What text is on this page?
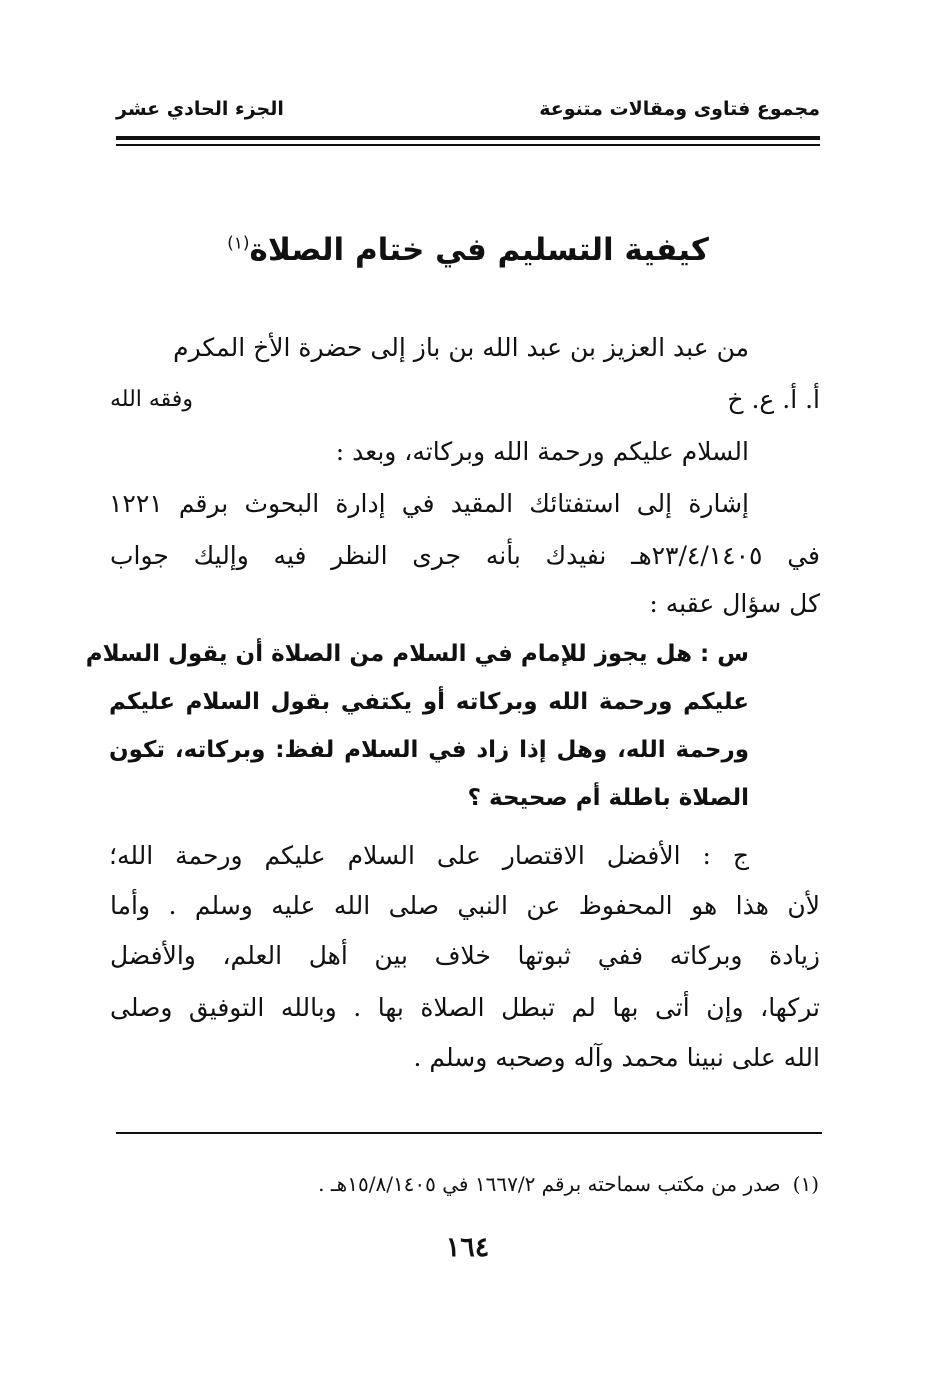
مجموع فتاوى ومقالات متنوعة
الجزء الحادي عشر
كيفية التسليم في ختام الصلاة$^{(١)}$
من عبد العزيز بن عبد الله بن باز إلى حضرة الأخ المكرم
أ. أ. ع. خ
وفقه الله
السلام عليكم ورحمة الله وبركاته، وبعد :
إشارة إلى استفتائك المقيد في إدارة البحوث برقم ١٢٢١
في ٢٣/٤/١٤٠٥هـ نفيدك بأنه جرى النظر فيه وإليك جواب
كل سؤال عقبه :
س : هل يجوز للإمام في السلام من الصلاة أن يقول السلام
عليكم ورحمة الله وبركاته أو يكتفي بقول السلام عليكم
ورحمة الله، وهل إذا زاد في السلام لفظ: وبركاته، تكون
الصلاة باطلة أم صحيحة ؟
ج : الأفضل الاقتصار على السلام عليكم ورحمة الله؛
لأن هذا هو المحفوظ عن النبي صلى الله عليه وسلم . وأما
زيادة وبركاته ففي ثبوتها خلاف بين أهل العلم، والأفضل
تركها، وإن أتى بها لم تبطل الصلاة بها . وبالله التوفيق وصلى
الله على نبينا محمد وآله وصحبه وسلم .
(١)صدر من مكتب سماحته برقم ١٦٦٧/٢ في ١٥/٨/١٤٠٥هـ .
١٦٤
